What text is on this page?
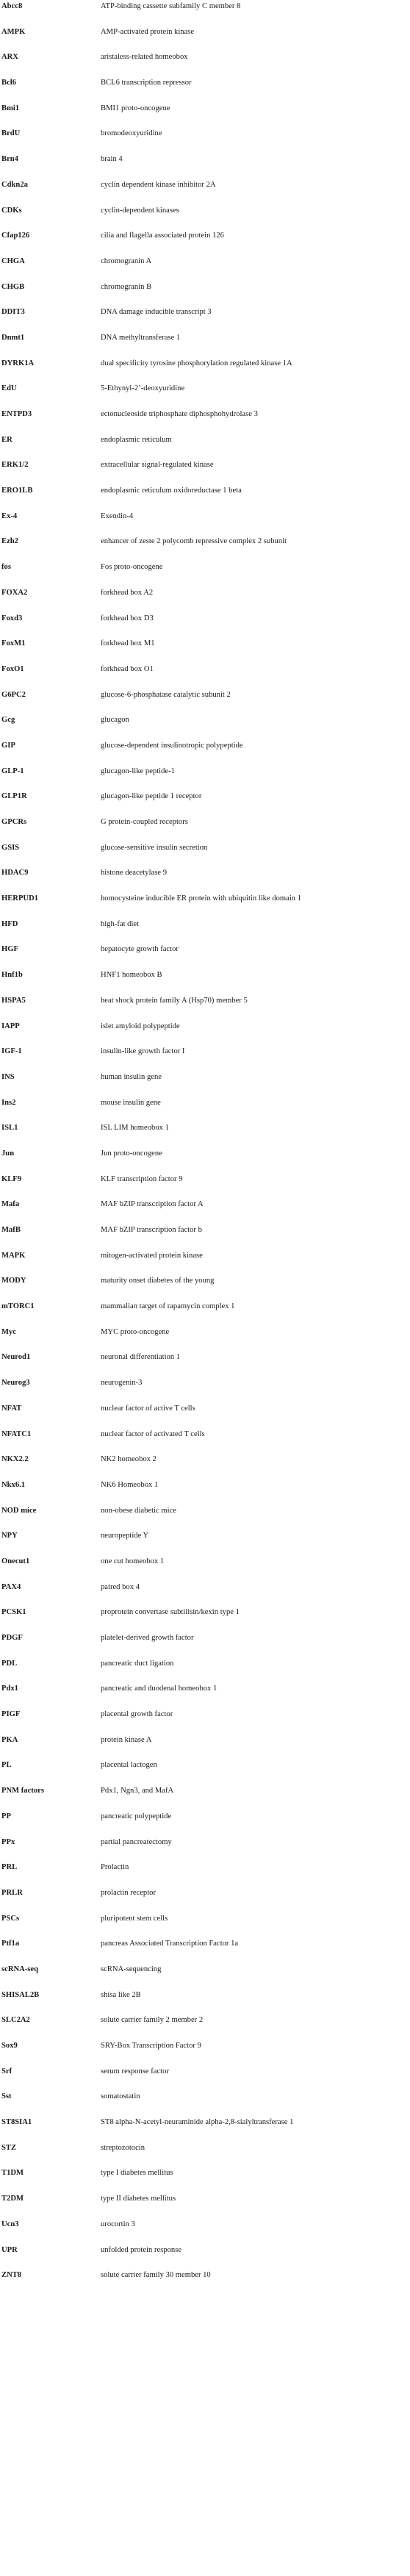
Abcc8	ATP-binding cassette subfamily C member 8
AMPK	AMP-activated protein kinase
ARX	aristaless-related homeobox
Bcl6	BCL6 transcription repressor
Bmi1	BMI1 proto-oncogene
BrdU	bromodeoxyuridine
Brn4	brain 4
Cdkn2a	cyclin dependent kinase inhibitor 2A
CDKs	cyclin-dependent kinases
Cfap126	cilia and flagella associated protein 126
CHGA	chromogranin A
CHGB	chromogranin B
DDIT3	DNA damage inducible transcript 3
Dnmt1	DNA methyltransferase 1
DYRK1A	dual specificity tyrosine phosphorylation regulated kinase 1A
EdU	5-Ethynyl-2’-deoxyuridine
ENTPD3	ectonucleoside triphosphate diphosphohydrolase 3
ER	endoplasmic reticulum
ERK1/2	extracellular signal-regulated kinase
ERO1LB	endoplasmic reticulum oxidoreductase 1 beta
Ex-4	Exendin-4
Ezh2	enhancer of zeste 2 polycomb repressive complex 2 subunit
fos	Fos proto-oncogene
FOXA2	forkhead box A2
Foxd3	forkhead box D3
FoxM1	forkhead box M1
FoxO1	forkhead box O1
G6PC2	glucose-6-phosphatase catalytic subunit 2
Gcg	glucagon
GIP	glucose-dependent insulinotropic polypeptide
GLP-1	glucagon-like peptide-1
GLP1R	glucagon-like peptide 1 receptor
GPCRs	G protein-coupled receptors
GSIS	glucose-sensitive insulin secretion
HDAC9	histone deacetylase 9
HERPUD1	homocysteine inducible ER protein with ubiquitin like domain 1
HFD	high-fat diet
HGF	hepatocyte growth factor
Hnf1b	HNF1 homeobox B
HSPA5	heat shock protein family A (Hsp70) member 5
IAPP	islet amyloid polypeptide
IGF-1	insulin-like growth factor I
INS	human insulin gene
Ins2	mouse insulin gene
ISL1	ISL LIM homeobox 1
Jun	Jun proto-oncogene
KLF9	KLF transcription factor 9
Mafa	MAF bZIP transcription factor A
MafB	MAF bZIP transcription factor b
MAPK	mitogen-activated protein kinase
MODY	maturity onset diabetes of the young
mTORC1	mammalian target of rapamycin complex 1
Myc	MYC proto-oncogene
Neurod1	neuronal differentiation 1
Neurog3	neurogenin-3
NFAT	nuclear factor of active T cells
NFATC1	nuclear factor of activated T cells
NKX2.2	NK2 homeobox 2
Nkx6.1	NK6 Homeobox 1
NOD mice	non-obese diabetic mice
NPY	neuropeptide Y
Onecut1	one cut homeobox 1
PAX4	paired box 4
PCSK1	proprotein convertase subtilisin/kexin type 1
PDGF	platelet-derived growth factor
PDL	pancreatic duct ligation
Pdx1	pancreatic and duodenal homeobox 1
PIGF	placental growth factor
PKA	protein kinase A
PL	placental lactogen
PNM factors	Pdx1, Ngn3, and MafA
PP	pancreatic polypeptide
PPx	partial pancreatectomy
PRL	Prolactin
PRLR	prolactin receptor
PSCs	pluripotent stem cells
Ptf1a	pancreas Associated Transcription Factor 1a
scRNA-seq	scRNA-sequencing
SHISAL2B	shisa like 2B
SLC2A2	solute carrier family 2 member 2
Sox9	SRY-Box Transcription Factor 9
Srf	serum response factor
Sst	somatostatin
ST8SIA1	ST8 alpha-N-acetyl-neuraminide alpha-2,8-sialyltransferase 1
STZ	streptozotocin
T1DM	type I diabetes mellitus
T2DM	type II diabetes mellitus
Ucn3	urocortin 3
UPR	unfolded protein response
ZNT8	solute carrier family 30 member 10
